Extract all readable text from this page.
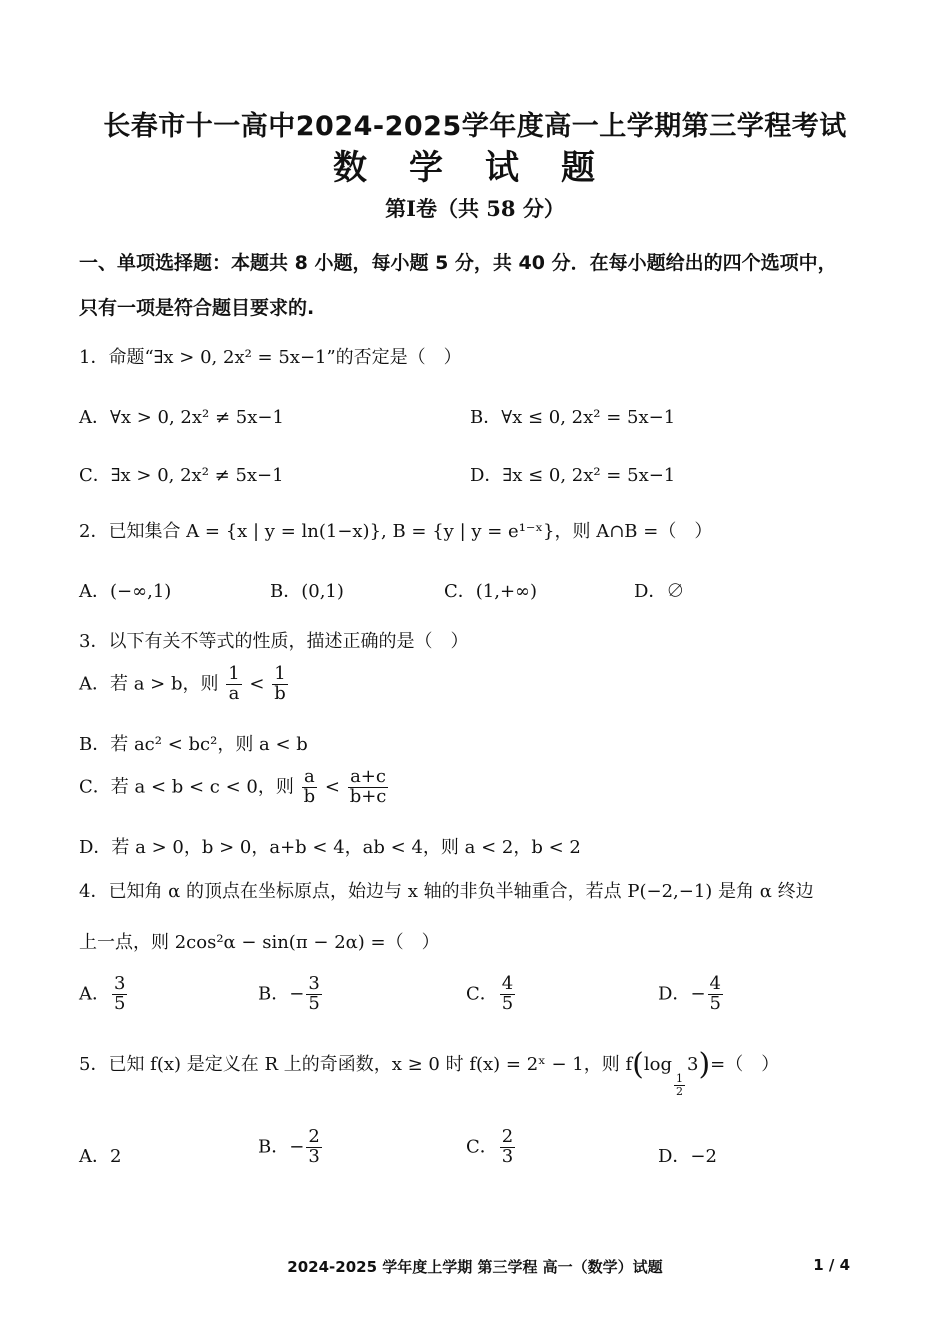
长春市十一高中2024-2025学年度高一上学期第三学程考试
数学试题
第Ⅰ卷（共 58 分）
一、单项选择题：本题共 8 小题，每小题 5 分，共 40 分．在每小题给出的四个选项中，
只有一项是符合题目要求的.
1．命题“∃x > 0, 2x² = 5x−1”的否定是（　）
A．∀x > 0, 2x² ≠ 5x−1	B．∀x ≤ 0, 2x² = 5x−1
C．∃x > 0, 2x² ≠ 5x−1	D．∃x ≤ 0, 2x² = 5x−1
2．已知集合 A = {x | y = ln(1−x)}, B = {y | y = e¹⁻ˣ}，则 A∩B =（　）
A．(−∞,1)	B．(0,1)	C．(1,+∞)	D．∅
3．以下有关不等式的性质，描述正确的是（　）
A．若 a > b，则 $\frac{1}{a} < \frac{1}{b}$
B．若 ac² < bc²，则 a < b
C．若 a < b < c < 0，则 $\frac{a}{b} < \frac{a+c}{b+c}$
D．若 a > 0，b > 0，a+b < 4，ab < 4，则 a < 2，b < 2
4．已知角 α 的顶点在坐标原点，始边与 x 轴的非负半轴重合，若点 P(−2,−1) 是角 α 终边
上一点，则 2cos²α − sin(π − 2α) =（　）
A． $\frac{3}{5}$	B．− $\frac{3}{5}$	C． $\frac{4}{5}$	D．− $\frac{4}{5}$
5．已知 f(x) 是定义在 R 上的奇函数，x ≥ 0 时 f(x) = 2ˣ − 1，则 f(log
$\frac{1}{2}$
3)=（　）
A．2	B．− $\frac{2}{3}$	C． $\frac{2}{3}$	D．−2
2024-2025 学年度上学期 第三学程 高一（数学）试题	1 / 4
